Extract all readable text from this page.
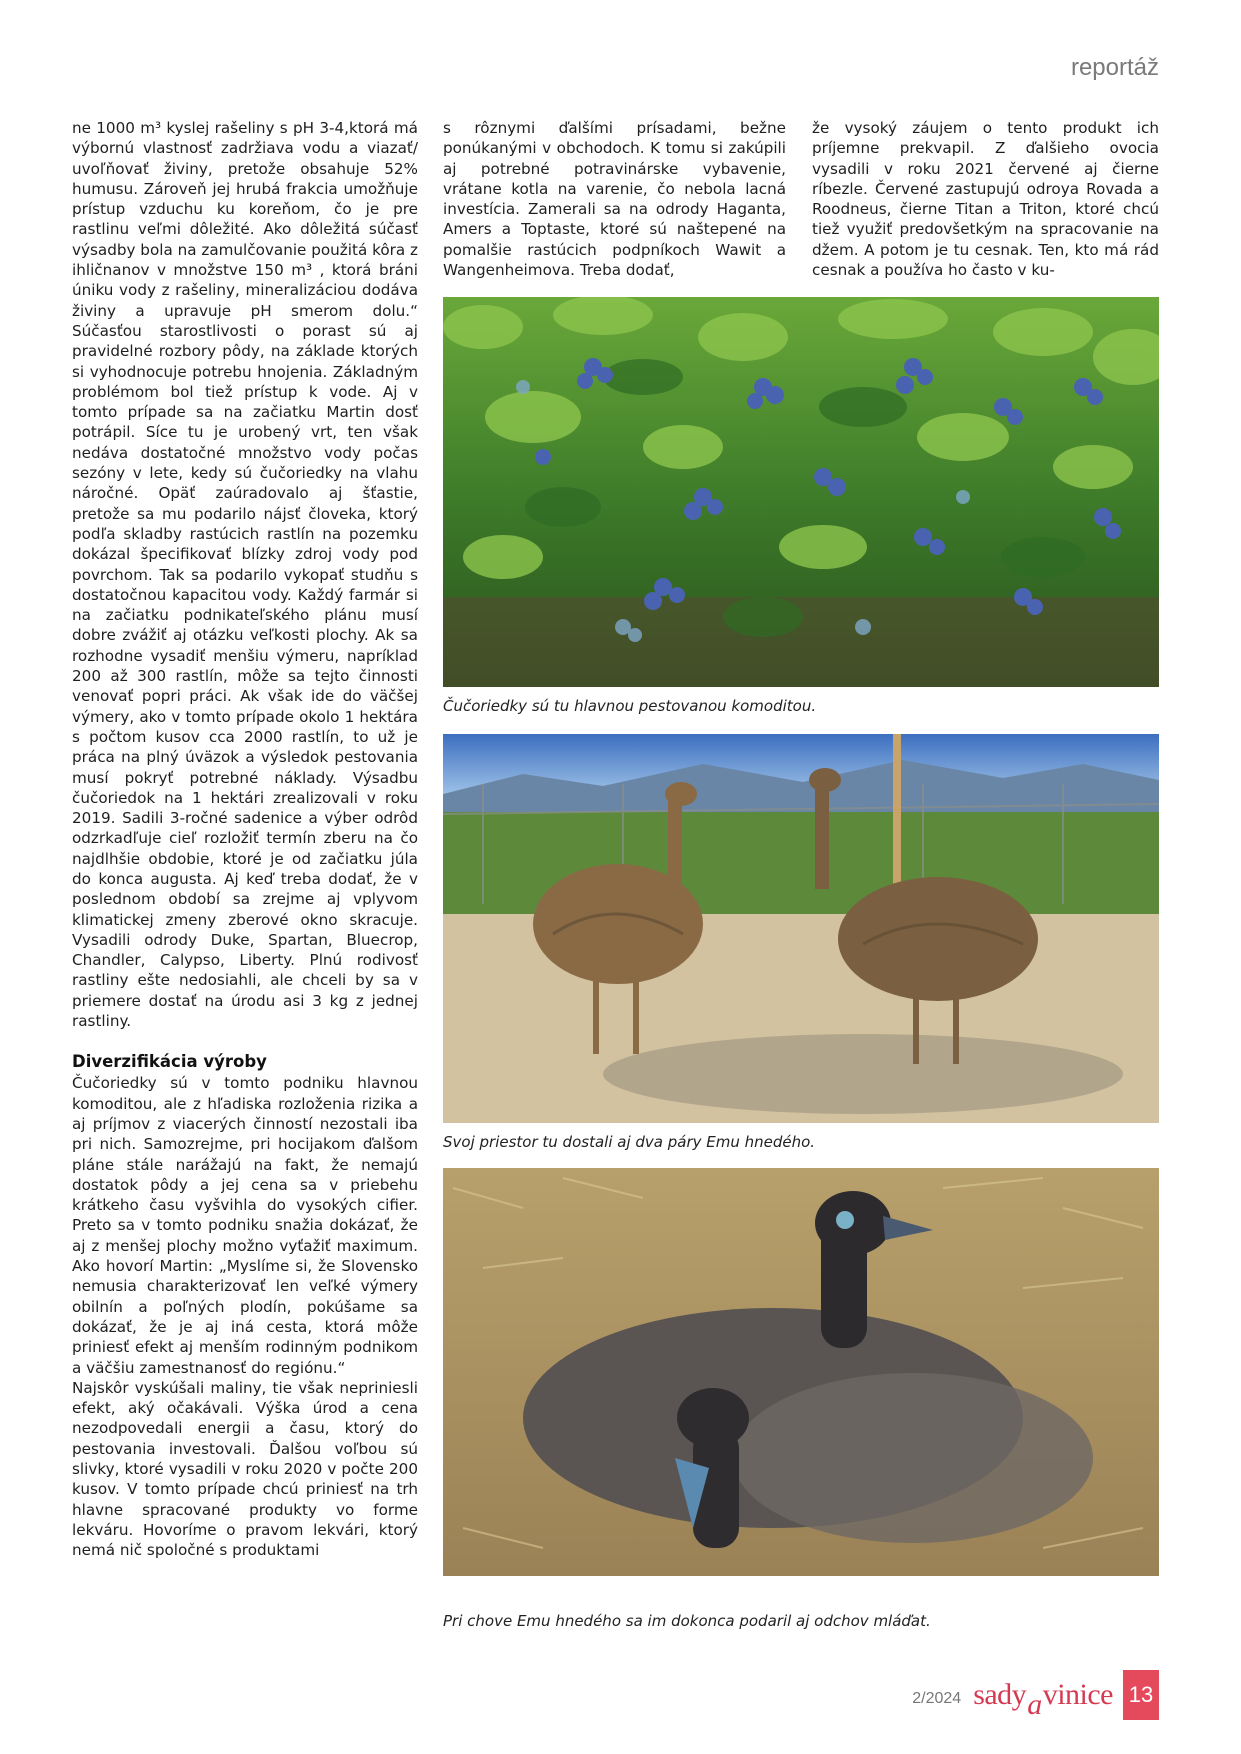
reportáž

ne 1000 m³ kyslej rašeliny s pH 3-4,ktorá má výbornú vlastnosť zadržiava vodu a viazať/ uvoľňovať živiny, pretože obsahuje 52% humusu. Zároveň jej hrubá frakcia umožňuje prístup vzduchu ku koreňom, čo je pre rastlinu veľmi dôležité. Ako dôležitá súčasť výsadby bola na zamulčovanie použitá kôra z ihličnanov v množstve 150 m³ , ktorá bráni úniku vody z rašeliny, mineralizáciou dodáva živiny a upravuje pH smerom dolu.“ Súčasťou starostlivosti o porast sú aj pravidelné rozbory pôdy, na základe ktorých si vyhodnocuje potrebu hnojenia. Základným problémom bol tiež prístup k vode. Aj v tomto prípade sa na začiatku Martin dosť potrápil. Síce tu je urobený vrt, ten však nedáva dostatočné množstvo vody počas sezóny v lete, kedy sú čučoriedky na vlahu náročné. Opäť zaúradovalo aj šťastie, pretože sa mu podarilo nájsť človeka, ktorý podľa skladby rastúcich rastlín na pozemku dokázal špecifikovať blízky zdroj vody pod povrchom. Tak sa podarilo vykopať studňu s dostatočnou kapacitou vody. Každý farmár si na začiatku podnikateľského plánu musí dobre zvážiť aj otázku veľkosti plochy. Ak sa rozhodne vysadiť menšiu výmeru, napríklad 200 až 300 rastlín, môže sa tejto činnosti venovať popri práci. Ak však ide do väčšej výmery, ako v tomto prípade okolo 1 hektára s počtom kusov cca 2000 rastlín, to už je práca na plný úväzok a výsledok pestovania musí pokryť potrebné náklady. Výsadbu čučoriedok na 1 hektári zrealizovali v roku 2019. Sadili 3-ročné sadenice a výber odrôd odzrkadľuje cieľ rozložiť termín zberu na čo najdlhšie obdobie, ktoré je od začiatku júla do konca augusta. Aj keď treba dodať, že v poslednom období sa zrejme aj vplyvom klimatickej zmeny zberové okno skracuje. Vysadili odrody Duke, Spartan, Bluecrop, Chandler, Calypso, Liberty. Plnú rodivosť rastliny ešte nedosiahli, ale chceli by sa v priemere dostať na úrodu asi 3 kg z jednej rastliny.

Diverzifikácia výroby

Čučoriedky sú v tomto podniku hlavnou komoditou, ale z hľadiska rozloženia rizika a aj príjmov z viacerých činností nezostali iba pri nich. Samozrejme, pri hocijakom ďalšom pláne stále narážajú na fakt, že nemajú dostatok pôdy a jej cena sa v priebehu krátkeho času vyšvihla do vysokých cifier. Preto sa v tomto podniku snažia dokázať, že aj z menšej plochy možno vyťažiť maximum. Ako hovorí Martin: „Myslíme si, že Slovensko nemusia charakterizovať len veľké výmery obilnín a poľných plodín, pokúšame sa dokázať, že je aj iná cesta, ktorá môže priniesť efekt aj menším rodinným podnikom a väčšiu zamestnanosť do regiónu.“

Najskôr vyskúšali maliny, tie však nepriniesli efekt, aký očakávali. Výška úrod a cena nezodpovedali energii a času, ktorý do pestovania investovali. Ďalšou voľbou sú slivky, ktoré vysadili v roku 2020 v počte 200 kusov. V tomto prípade chcú priniesť na trh hlavne spracované produkty vo forme lekváru. Hovoríme o pravom lekvári, ktorý nemá nič spoločné s produktami

s rôznymi ďalšími prísadami, bežne ponúkanými v obchodoch. K tomu si zakúpili aj potrebné potravinárske vybavenie, vrátane kotla na varenie, čo nebola lacná investícia. Zamerali sa na odrody Haganta, Amers a Toptaste, ktoré sú naštepené na pomalšie rastúcich podpníkoch Wawit a Wangenheimova. Treba dodať,

že vysoký záujem o tento produkt ich príjemne prekvapil. Z ďalšieho ovocia vysadili v roku 2021 červené aj čierne ríbezle. Červené zastupujú odroya Rovada a Roodneus, čierne Titan a Triton, ktoré chcú tiež využiť predovšetkým na spracovanie na džem. A potom je tu cesnak. Ten, kto má rád cesnak a používa ho často v ku-

Čučoriedky sú tu hlavnou pestovanou komoditou.
Svoj priestor tu dostali aj dva páry Emu hnedého.
Pri chove Emu hnedého sa im dokonca podaril aj odchov mláďat.
2/2024 sadyavinice 13
